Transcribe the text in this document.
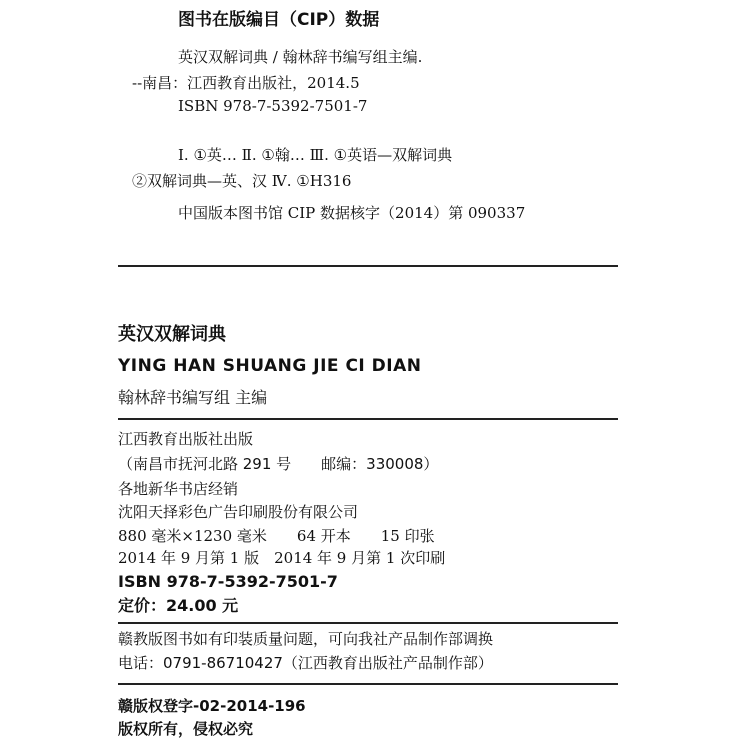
图书在版编目（CIP）数据
英汉双解词典 / 翰林辞书编写组主编.
--南昌：江西教育出版社，2014.5
ISBN 978-7-5392-7501-7
Ⅰ. ①英… Ⅱ. ①翰… Ⅲ. ①英语—双解词典
②双解词典—英、汉 Ⅳ. ①H316
中国版本图书馆 CIP 数据核字（2014）第 090337
英汉双解词典
YING HAN SHUANG JIE CI DIAN
翰林辞书编写组 主编
江西教育出版社出版
（南昌市抚河北路 291 号　　邮编：330008）
各地新华书店经销
沈阳天择彩色广告印刷股份有限公司
880 毫米×1230 毫米　　64 开本　　15 印张
2014 年 9 月第 1 版　2014 年 9 月第 1 次印刷
ISBN 978-7-5392-7501-7
定价：24.00 元
赣教版图书如有印装质量问题，可向我社产品制作部调换
电话：0791-86710427（江西教育出版社产品制作部）
赣版权登字-02-2014-196
版权所有，侵权必究
